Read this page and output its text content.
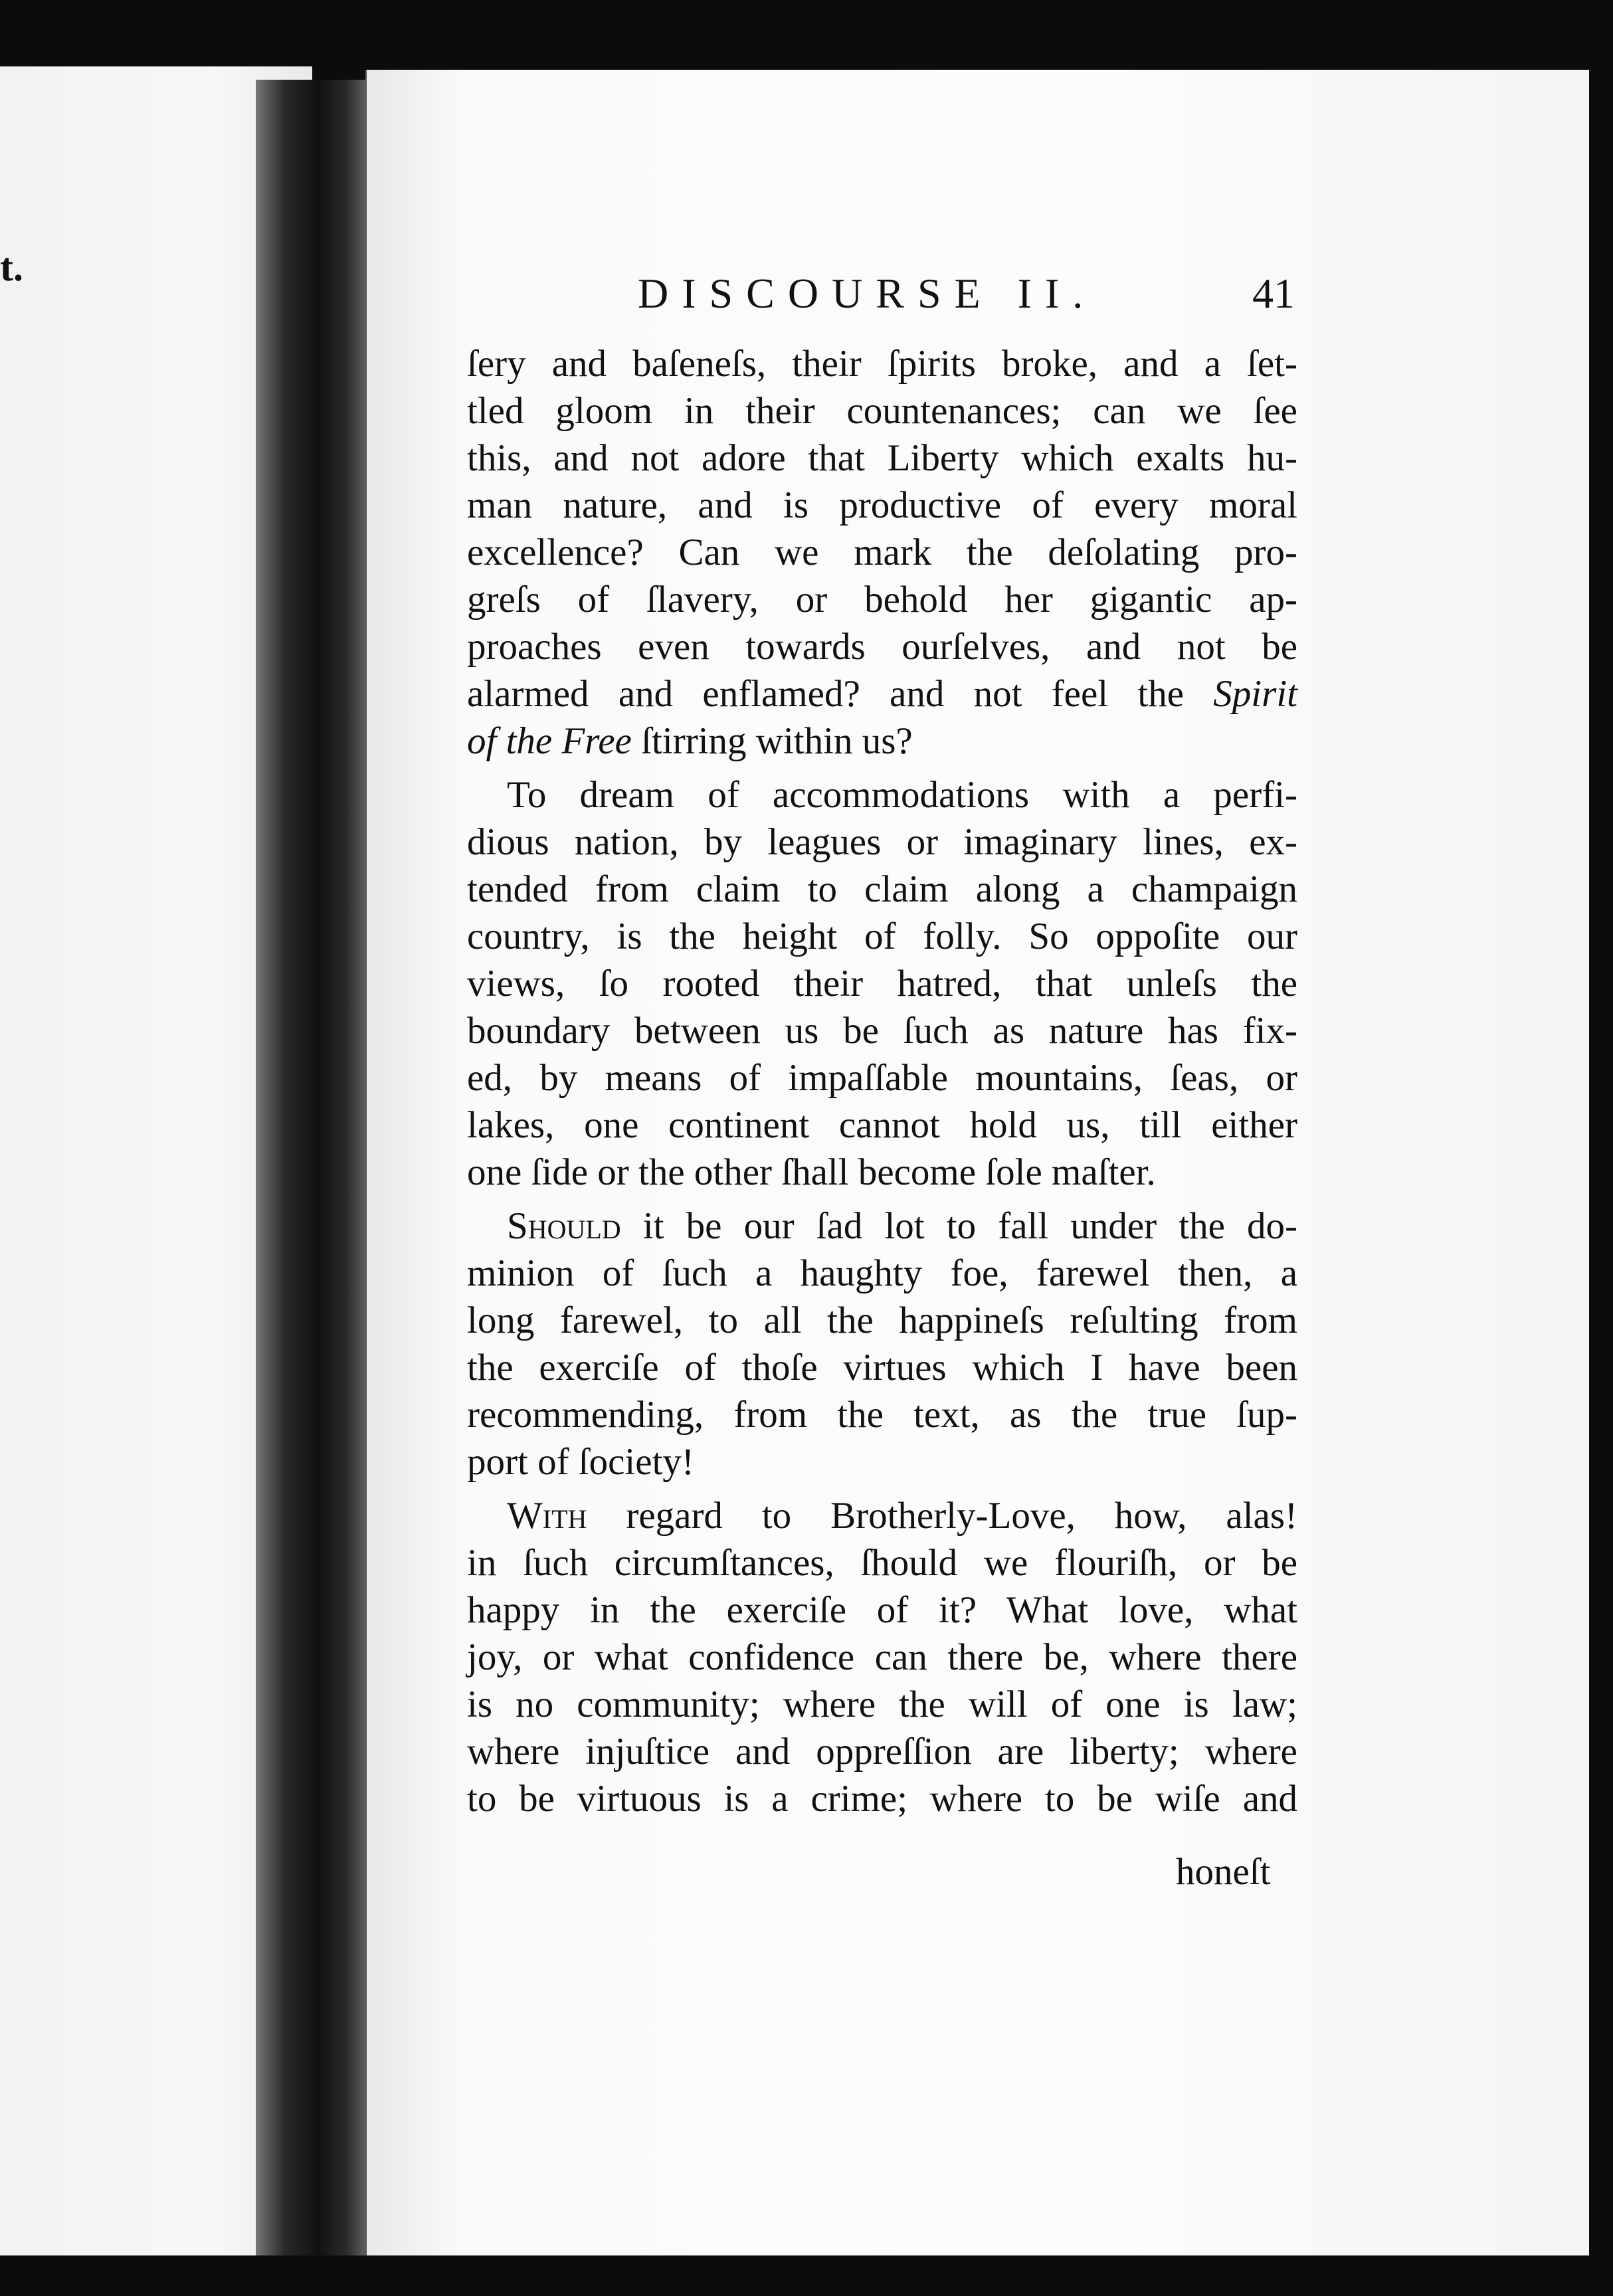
t.
DISCOURSE II.	41
ſery and baſeneſs, their ſpirits broke, and a ſet-
tled gloom in their countenances; can we ſee
this, and not adore that Liberty which exalts hu-
man nature, and is productive of every moral
excellence? Can we mark the deſolating pro-
greſs of ſlavery, or behold her gigantic ap-
proaches even towards ourſelves, and not be
alarmed and enflamed? and not feel the Spirit
of the Free ſtirring within us?
To dream of accommodations with a perfi-
dious nation, by leagues or imaginary lines, ex-
tended from claim to claim along a champaign
country, is the height of folly. So oppoſite our
views, ſo rooted their hatred, that unleſs the
boundary between us be ſuch as nature has fix-
ed, by means of impaſſable mountains, ſeas, or
lakes, one continent cannot hold us, till either
one ſide or the other ſhall become ſole maſter.
Should it be our ſad lot to fall under the do-
minion of ſuch a haughty foe, farewel then, a
long farewel, to all the happineſs reſulting from
the exerciſe of thoſe virtues which I have been
recommending, from the text, as the true ſup-
port of ſociety!
With regard to Brotherly-Love, how, alas!
in ſuch circumſtances, ſhould we flouriſh, or be
happy in the exerciſe of it? What love, what
joy, or what confidence can there be, where there
is no community; where the will of one is law;
where injuſtice and oppreſſion are liberty; where
to be virtuous is a crime; where to be wiſe and
honeſt
